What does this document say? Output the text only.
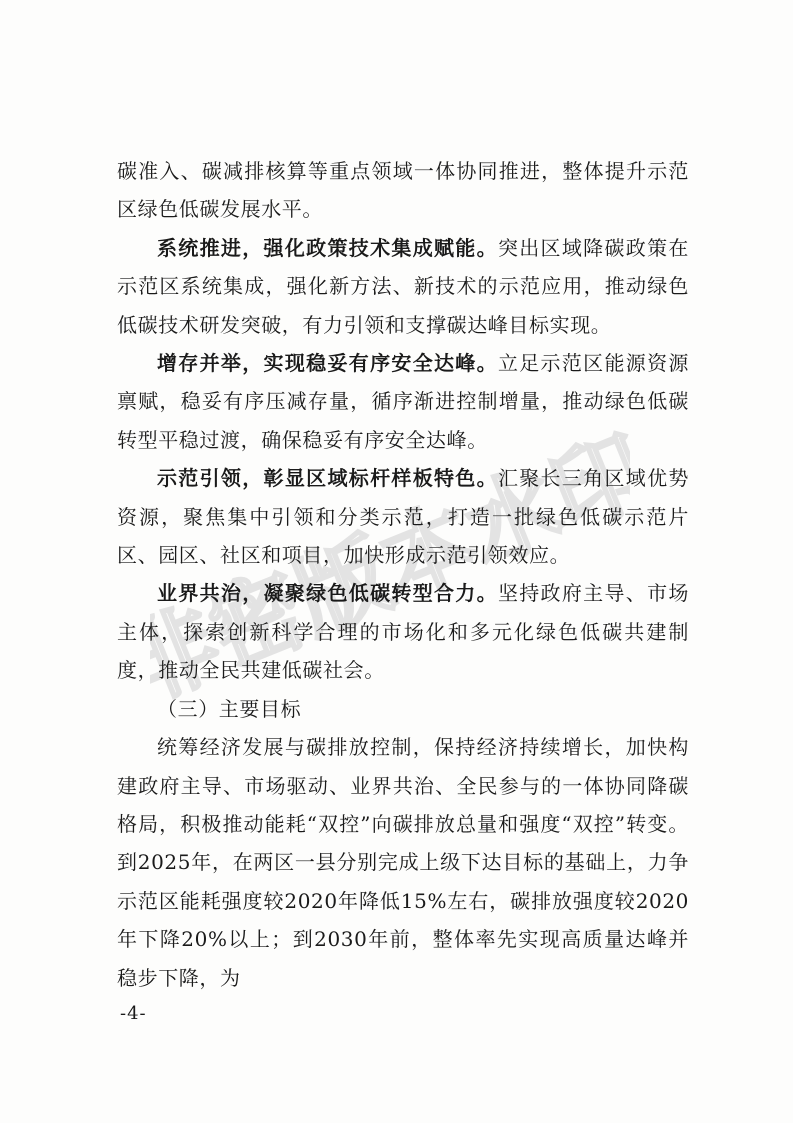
非密版本水印

碳准入、碳减排核算等重点领域一体协同推进，整体提升示范区绿色低碳发展水平。

系统推进，强化政策技术集成赋能。突出区域降碳政策在示范区系统集成，强化新方法、新技术的示范应用，推动绿色低碳技术研发突破，有力引领和支撑碳达峰目标实现。

增存并举，实现稳妥有序安全达峰。立足示范区能源资源禀赋，稳妥有序压减存量，循序渐进控制增量，推动绿色低碳转型平稳过渡，确保稳妥有序安全达峰。

示范引领，彰显区域标杆样板特色。汇聚长三角区域优势资源，聚焦集中引领和分类示范，打造一批绿色低碳示范片区、园区、社区和项目，加快形成示范引领效应。

业界共治，凝聚绿色低碳转型合力。坚持政府主导、市场主体，探索创新科学合理的市场化和多元化绿色低碳共建制度，推动全民共建低碳社会。

（三）主要目标

统筹经济发展与碳排放控制，保持经济持续增长，加快构建政府主导、市场驱动、业界共治、全民参与的一体协同降碳格局，积极推动能耗“双控”向碳排放总量和强度“双控”转变。到2025年，在两区一县分别完成上级下达目标的基础上，力争示范区能耗强度较2020年降低15%左右，碳排放强度较2020年下降20%以上；到2030年前，整体率先实现高质量达峰并稳步下降，为

-4-
